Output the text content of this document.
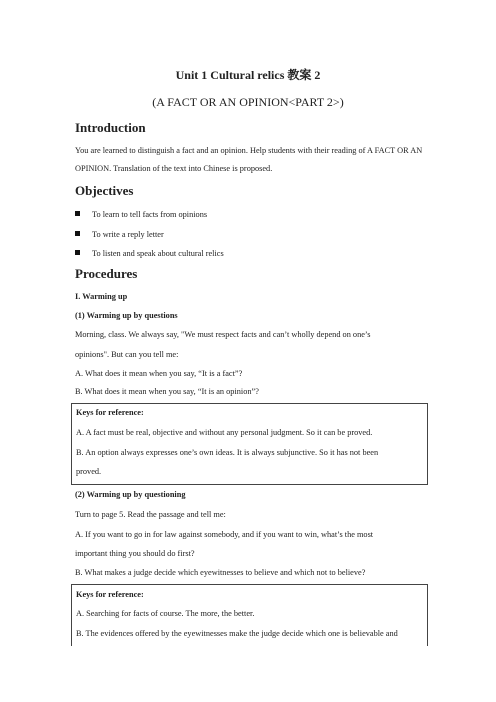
Unit 1 Cultural relics 教案 2
(A FACT OR AN OPINION<PART 2>)
Introduction
You are learned to distinguish a fact and an opinion. Help students with their reading of A FACT OR AN OPINION. Translation of the text into Chinese is proposed.
Objectives
To learn to tell facts from opinions
To write a reply letter
To listen and speak about cultural relics
Procedures
I. Warming up
(1) Warming up by questions
Morning, class. We always say, "We must respect facts and can’t wholly depend on one’s
opinions". But can you tell me:
A. What does it mean when you say, “It is a fact”?
B. What does it mean when you say, “It is an opinion”?
Keys for reference:
A. A fact must be real, objective and without any personal judgment. So it can be proved.
B. An option always expresses one’s own ideas. It is always subjunctive. So it has not been
proved.
(2) Warming up by questioning
Turn to page 5. Read the passage and tell me:
A. If you want to go in for law against somebody, and if you want to win, what’s the most
important thing you should do first?
B. What makes a judge decide which eyewitnesses to believe and which not to believe?
Keys for reference:
A. Searching for facts of course. The more, the better.
B. The evidences offered by the eyewitnesses make the judge decide which one is believable and
